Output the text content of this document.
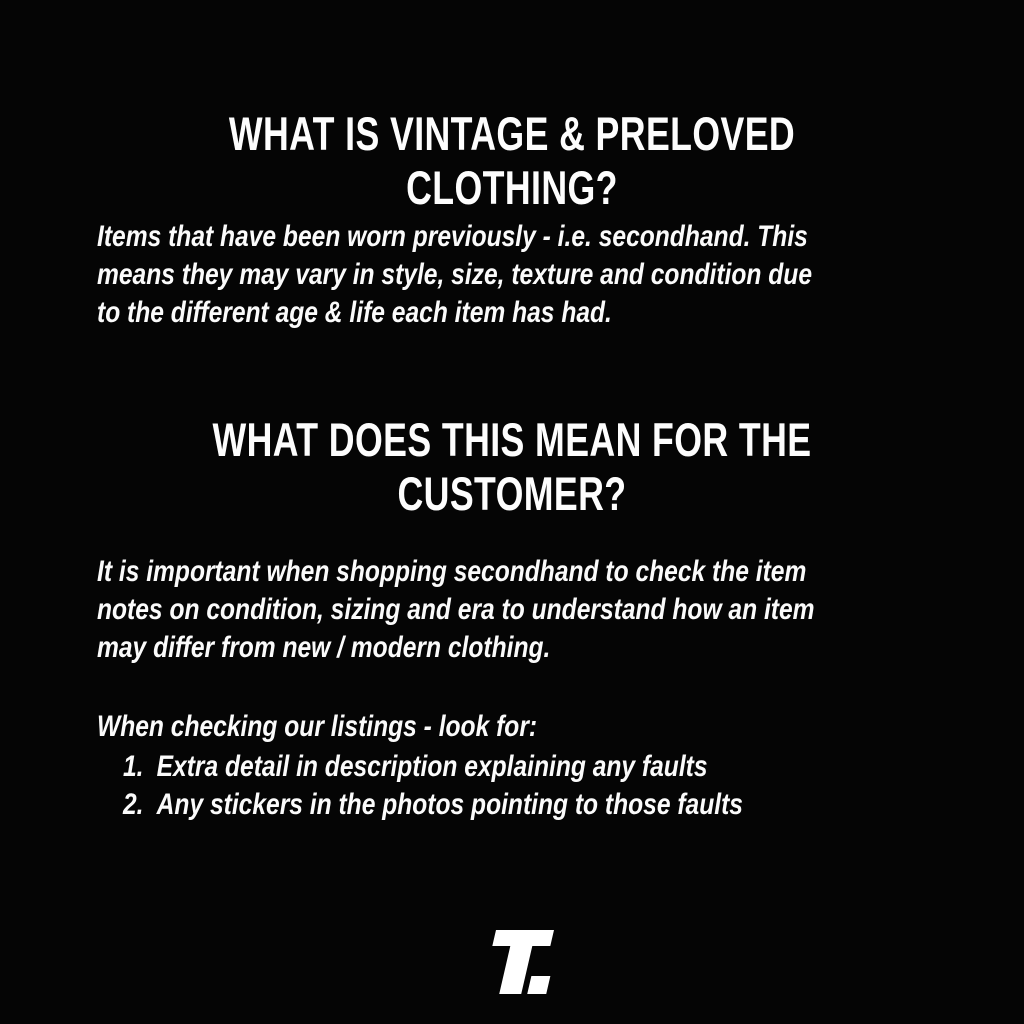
WHAT IS VINTAGE & PRELOVED CLOTHING?

Items that have been worn previously - i.e. secondhand. This
means they may vary in style, size, texture and condition due
to the different age & life each item has had.

WHAT DOES THIS MEAN FOR THE
CUSTOMER?

It is important when shopping secondhand to check the item
notes on condition, sizing and era to understand how an item
may differ from new / modern clothing.

When checking our listings - look for:

1. Extra detail in description explaining any faults
2. Any stickers in the photos pointing to those faults
